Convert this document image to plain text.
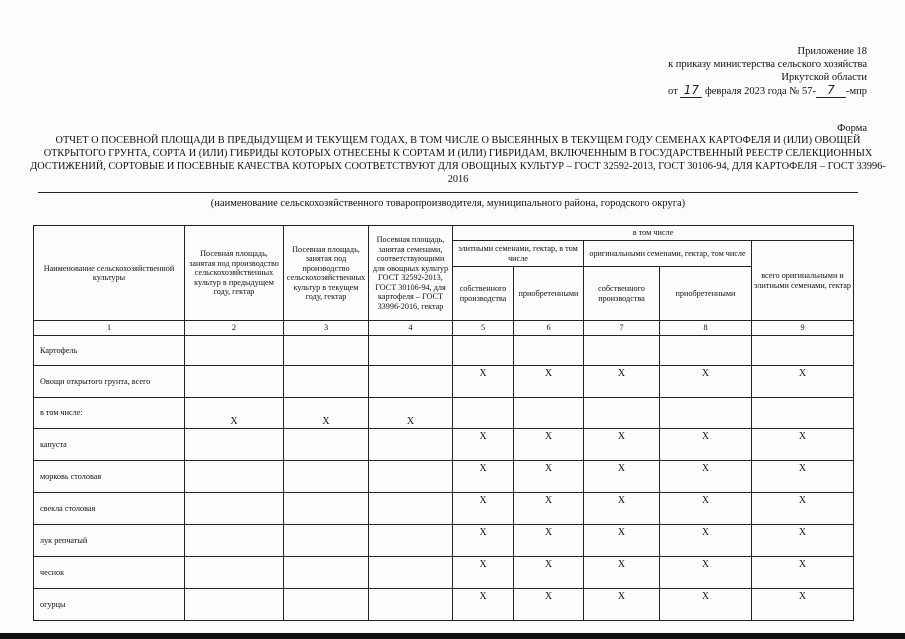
Приложение 18
к приказу министерства сельского хозяйства
Иркутской области
от 17 февраля 2023 года № 57- 7 -мпр
Форма
ОТЧЕТ О ПОСЕВНОЙ ПЛОЩАДИ В ПРЕДЫДУЩЕМ И ТЕКУЩЕМ ГОДАХ, В ТОМ ЧИСЛЕ О ВЫСЕЯННЫХ В ТЕКУЩЕМ ГОДУ СЕМЕНАХ КАРТОФЕЛЯ И (ИЛИ) ОВОЩЕЙ ОТКРЫТОГО ГРУНТА, СОРТА И (ИЛИ) ГИБРИДЫ КОТОРЫХ ОТНЕСЕНЫ К СОРТАМ И (ИЛИ) ГИБРИДАМ, ВКЛЮЧЕННЫМ В ГОСУДАРСТВЕННЫЙ РЕЕСТР СЕЛЕКЦИОННЫХ ДОСТИЖЕНИЙ, СОРТОВЫЕ И ПОСЕВНЫЕ КАЧЕСТВА КОТОРЫХ СООТВЕТСТВУЮТ ДЛЯ ОВОЩНЫХ КУЛЬТУР – ГОСТ 32592-2013, ГОСТ 30106-94, ДЛЯ КАРТОФЕЛЯ – ГОСТ 33996-2016
(наименование сельскохозяйственного товаропроизводителя, муниципального района, городского округа)
Наименование сельскохозяйственной культуры	Посевная площадь, занятая под производство сельскохозяйственных культур в предыдущем году, гектар	Посевная площадь, занятая под производство сельскохозяйственных культур в текущем году, гектар	Посевная площадь, занятая семенами, соответствующими для овощных культур ГОСТ 32592-2013, ГОСТ 30106-94, для картофеля – ГОСТ 33996-2016, гектар	в том числе				
				элитными семенами, гектар, в том числе		оригинальными семенами, гектар, том числе		всего оригинальными и элитными семенами, гектар
				собственного производства	приобретенными	собственного производства	приобретенными	
1	2	3	4	5	6	7	8	9
Картофель								
Овощи открытого грунта, всего				Х	Х	Х	Х	Х
в том числе:	Х	Х	Х					
капуста				Х	Х	Х	Х	Х
морковь столовая				Х	Х	Х	Х	Х
свекла столовая				Х	Х	Х	Х	Х
лук репчатый				Х	Х	Х	Х	Х
чеснок				Х	Х	Х	Х	Х
огурцы				Х	Х	Х	Х	Х
